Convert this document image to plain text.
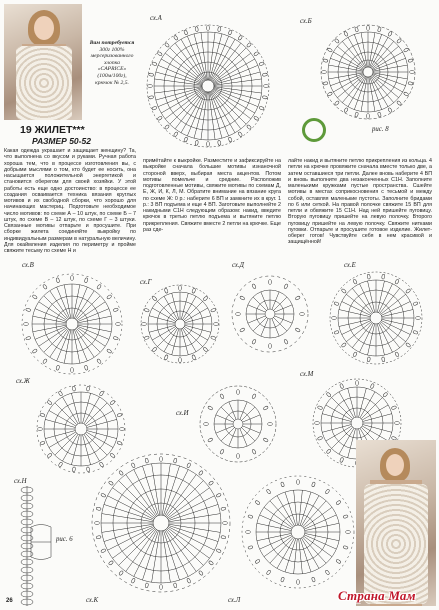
Вам потребуется
300г 100% мерсеризованного хлопка
«CAPRICE» (100м/100г),
крючок № 2,5.
19 ЖИЛЕТ***
РАЗМЕР 50-52
сх.А	сх.Б
рис. 8
Какая одежда украшает и защищает женщину? Та, что выполнена со вкусом и руками. Ручная работа хороша тем, что в процессе изготовления вы, с добрыми мыслями о том, кто будет ее носить, она насыщается положительной энергетикой и становится оберегом для своей хозяйки. У этой работы есть еще одно достоинство: в процессе ее создания осваивается техника вязания круглых мотивов и их свободной сборки, что хорошо для начинающих мастериц. Подготовьте необходимое число мотивов: по схеме А – 10 штук, по схеме Б – 7 штук, по схеме В – 12 штук, по схеме Г – 3 штуки. Связанные мотивы отпарьте и просушите. При сборке жилета соединяйте выкройку по индивидуальным размерам в натуральную величину. Для окаймления изделия по периметру и пройме свяжите тесьму по схеме Н и
примётайте к выкройке. Разместите и зафиксируйте на выкройке сначала большие мотивы изнаночной стороной вверх, выбирая места акцентов. Потом мотивы помельче и средние. Расположив подготовленные мотивы, свяжите мотивы по схемам Д, Е, Ж, И, К, Л, М. Обратите внимание на вязание круга по схеме Ж: 0 р.: наберите 6 ВП и замкните их в круг. 1 р.: 3 ВП подъема и еще 4 ВП. Заготовьте выполнейте 2 накидными С1Н следующим образом: накид, введите крючок в третью петлю подъема и вытяните петлю прикрепления. Свяжите вместе 2 петли на крючке. Еще раз сде-
лайте накид и вытяните петлю прикрепления из кольца. 4 петли на крючке провяжите сначала вместе только две, а затем оставшиеся три петли. Далее вновь наберите 4 ВП и вновь выполните два незаконченных С1Н. Заполните маленькими кружками пустые пространства. Сшейте мотивы в местах соприкосновения с тесьмой и между собой, оставляя маленькие пустоты. Заполните бридами по 6 или сеткой. На правой полочке свяжите 15 ВП для петли и обвяжите 15 С1Н. Над ней пришейте пуговицу. Вторую пуговицу пришейте на левую полочку. Второго пуговицу пришейте на левую полочку. Свяжите нитками пуговки. Отпарьте и просушите готовое изделие. Жилет-оберег готов! Чувствуйте себя в нем красивой и защищённой!
сх.В
сх.Г
сх.Д	сх.Е
сх.Ж
сх.И
сх.М
сх.Н
рис. 6
сх.К	сх.Л
26	Страна Мам
